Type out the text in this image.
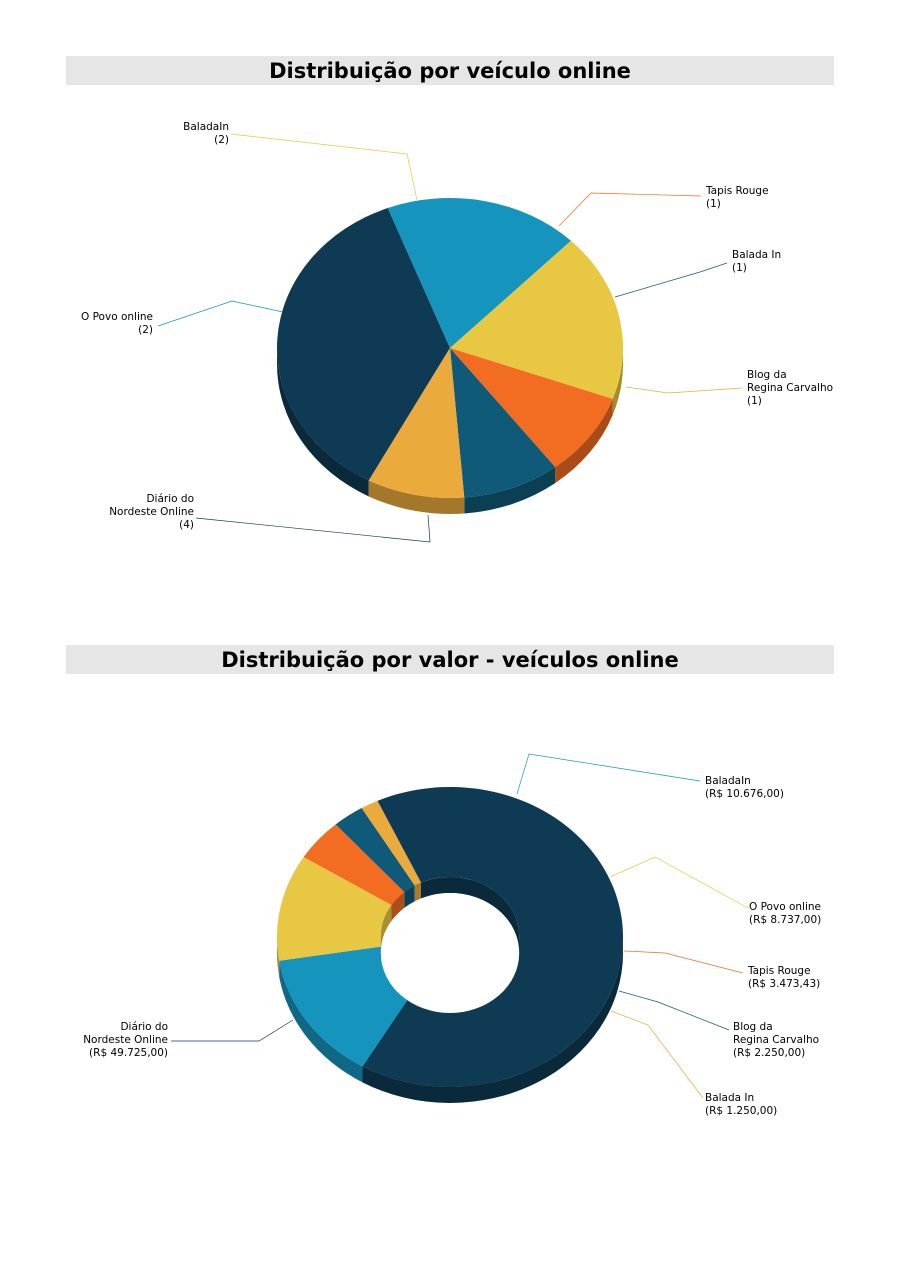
Distribuição por veículo online
Distribuição por valor - veículos online
Diário do Nordeste Online (4)
O Povo online (2)
BaladaIn (2)
Tapis Rouge (1)
Balada In (1)
Blog da Regina Carvalho (1)
Diário do Nordeste Online (R$ 49.725,00)
BaladaIn (R$ 10.676,00)
O Povo online (R$ 8.737,00)
Tapis Rouge (R$ 3.473,43)
Blog da Regina Carvalho (R$ 2.250,00)
Balada In (R$ 1.250,00)
